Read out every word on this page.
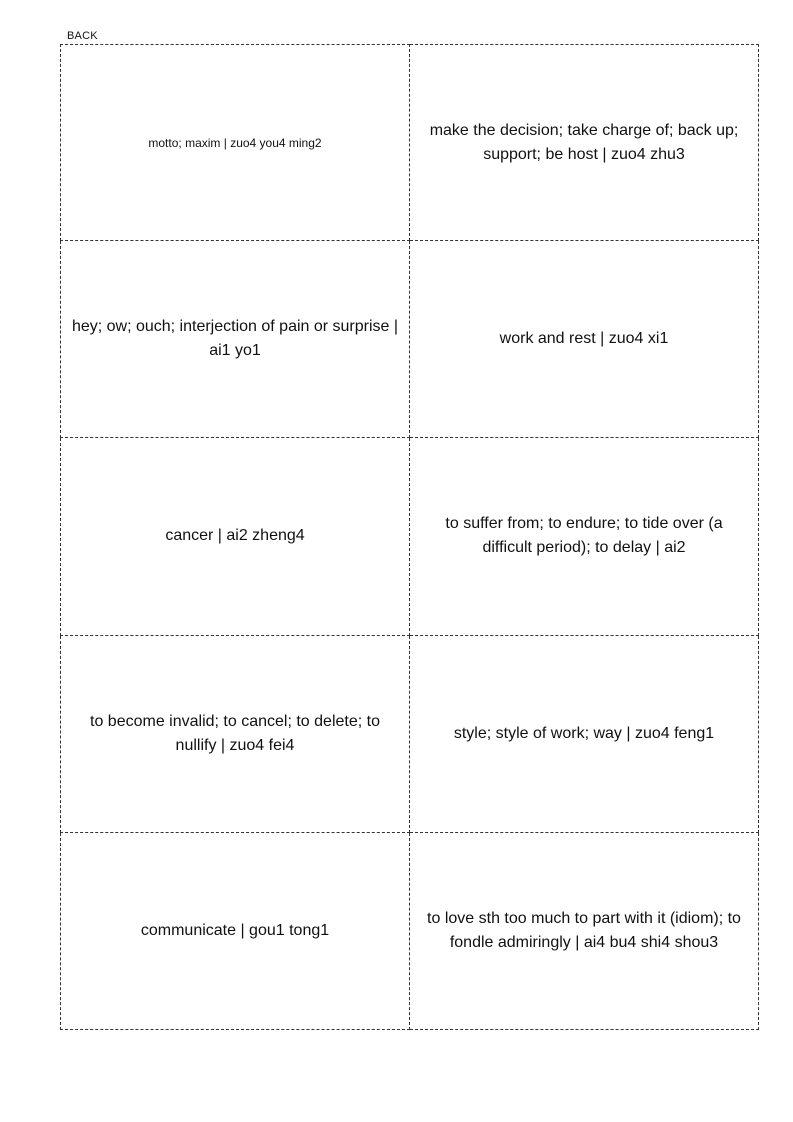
BACK
motto; maxim | zuo4 you4 ming2
make the decision; take charge of; back up; support; be host | zuo4 zhu3
hey; ow; ouch; interjection of pain or surprise | ai1 yo1
work and rest | zuo4 xi1
cancer | ai2 zheng4
to suffer from; to endure; to tide over (a difficult period); to delay | ai2
to become invalid; to cancel; to delete; to nullify | zuo4 fei4
style; style of work; way | zuo4 feng1
communicate | gou1 tong1
to love sth too much to part with it (idiom); to fondle admiringly | ai4 bu4 shi4 shou3
